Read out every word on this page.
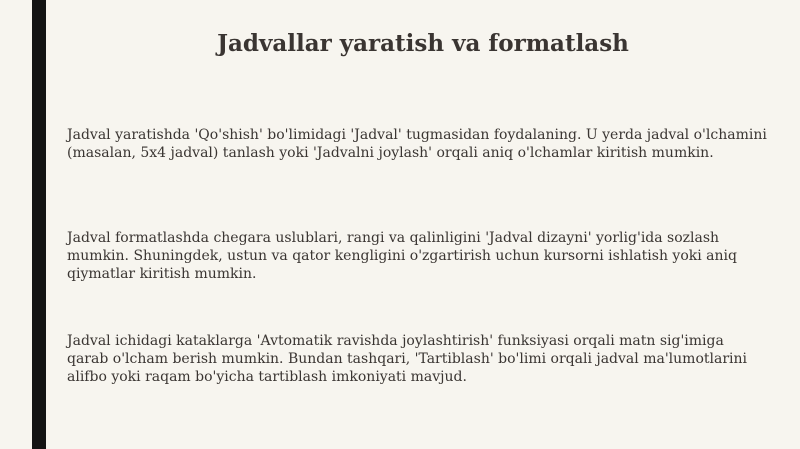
Jadvallar yaratish va formatlash

Jadval yaratishda 'Qo'shish' bo'limidagi 'Jadval' tugmasidan foydalaning. U yerda jadval o'lchamini (masalan, 5x4 jadval) tanlash yoki 'Jadvalni joylash' orqali aniq o'lchamlar kiritish mumkin.

Jadval formatlashda chegara uslublari, rangi va qalinligini 'Jadval dizayni' yorlig'ida sozlash mumkin. Shuningdek, ustun va qator kengligini o'zgartirish uchun kursorni ishlatish yoki aniq qiymatlar kiritish mumkin.

Jadval ichidagi kataklarga 'Avtomatik ravishda joylashtirish' funksiyasi orqali matn sig'imiga qarab o'lcham berish mumkin. Bundan tashqari, 'Tartiblash' bo'limi orqali jadval ma'lumotlarini alifbo yoki raqam bo'yicha tartiblash imkoniyati mavjud.
